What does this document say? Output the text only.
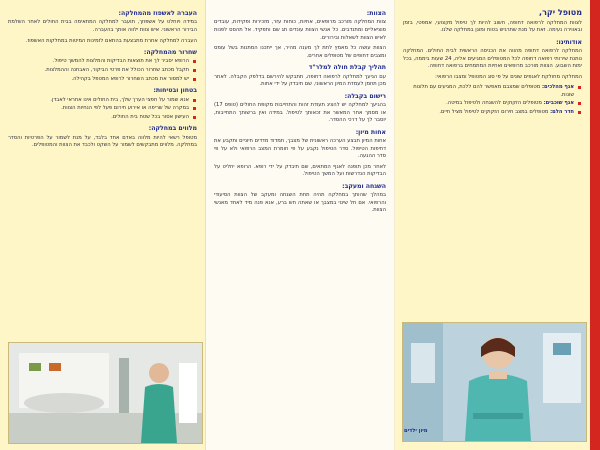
מטופל יקר,

לצוות המחלקה לרפואה דחופה, חשוב להיות לך טיפול מקצועי, אמפטי, בזמן ובאווירה נעימה. זאת על מנת שתרגיש בטוח ומוגן במחלקה שלנו.

אודותינו:

המחלקה לרפואה דחופה מהווה את הכניסה הראשית לבית החולים. המחלקה נותנת שירותי רפואה דחופה לכל המטופלים המגיעים אליה, 24 שעות ביממה, בכל ימות השבוע. הצוות מורכב מרופאים ואחיות המתמחים ברפואה דחופה.

המחלקה מחולקת לאגפים שונים על פי סוג המטופל ומצבו הרפואי:

אגף מהלכים: מטופלים שמצבם מאפשר להם ללכת, המגיעים עם תלונות שונות.
אגף שוכבים: מטופלים הזקוקים להשגחה ולטיפול במיטה.
חדר הלם: מטופלים במצב חירום הזקוקים לטיפול מציל חיים.
הצוות:

צוות המחלקה מורכב מרופאים, אחיות, כוחות עזר, מזכירות ופקידות, עובדים סוציאליים ומתנדבים. כל אנשי הצוות עונדים תג שם ותפקיד. אל תהסס לפנות לאיש הצוות לשאלות ובירורים.

הצוות עושה כל מאמץ לתת לך מענה מהיר, אך ייתכנו המתנות בשל עומס ומצבים דחופים של מטופלים אחרים.

תהליך קבלת חולה למלר"ד

עם הגיעך למחלקה לרפואה דחופה, תתבקש להירשם בדלפק הקבלה. לאחר מכן תוזמן לעמדת המיון הראשוני, שם תיבדק על ידי אחות.

רישום בקבלה:

בהגיעך למחלקה יש להציג תעודת זהות והתחייבות מקופת החולים (טופס 17) או מסמך אחר המאשר את זכאותך לטיפול. במידה ואין ברשותך התחייבות, יוסבר לך על דרכי ההסדר.

אחות מיון:

אחות המיון תבצע הערכה ראשונית של מצבך, תמדוד מדדים חיוניים ותקבע את דחיפות הטיפול. סדר הטיפול נקבע על פי חומרת המצב הרפואי ולא על פי סדר ההגעה.

לאחר מכן תופנה לאגף המתאים, שם תיבדק על ידי רופא. הרופא יחליט על הבדיקות הנדרשות ועל המשך הטיפול.

השגחה ומעקב:

במהלך שהותך במחלקה תהיה תחת השגחה ומעקב של הצוות הסיעודי והרפואי. אם חל שינוי במצבך או שאתה חש ברע, אנא פנה מיד לאחד מאנשי הצוות.

העברה לאשפוז מהמחלקה:

במידה ויוחלט על אשפוזך, תועבר למחלקה המתאימה בבית החולים לאחר השלמת הבירור הראשוני. איש צוות ילווה אותך בהעברה.

העברה למחלקה אחרת מתבצעת בהתאם לזמינות המיטות במחלקות האשפוז.

שחרור מהמחלקה:
הרופא יסביר לך את תוצאות הבדיקות והמלצות להמשך טיפול.
תקבל מכתב שחרור הכולל את פרטי הביקור, האבחנה וההמלצות.
יש למסור את מכתב השחרור לרופא המטפל בקהילה.
בטחון ובטיחות:
אנא שמור על חפצי הערך שלך, בית החולים אינו אחראי לאבדן.
במקרה של שריפה או אירוע חירום פעל לפי הנחיות הצוות.
העישון אסור בכל שטח בית החולים.
מלווים במחלקה:

מטופל רשאי להיות מלווה באדם אחד בלבד, על מנת לשמור על הפרטיות והסדר במחלקה. מלווים מתבקשים לשמור על השקט ולכבד את הצוות והמטופלים.

מיון ילדים
